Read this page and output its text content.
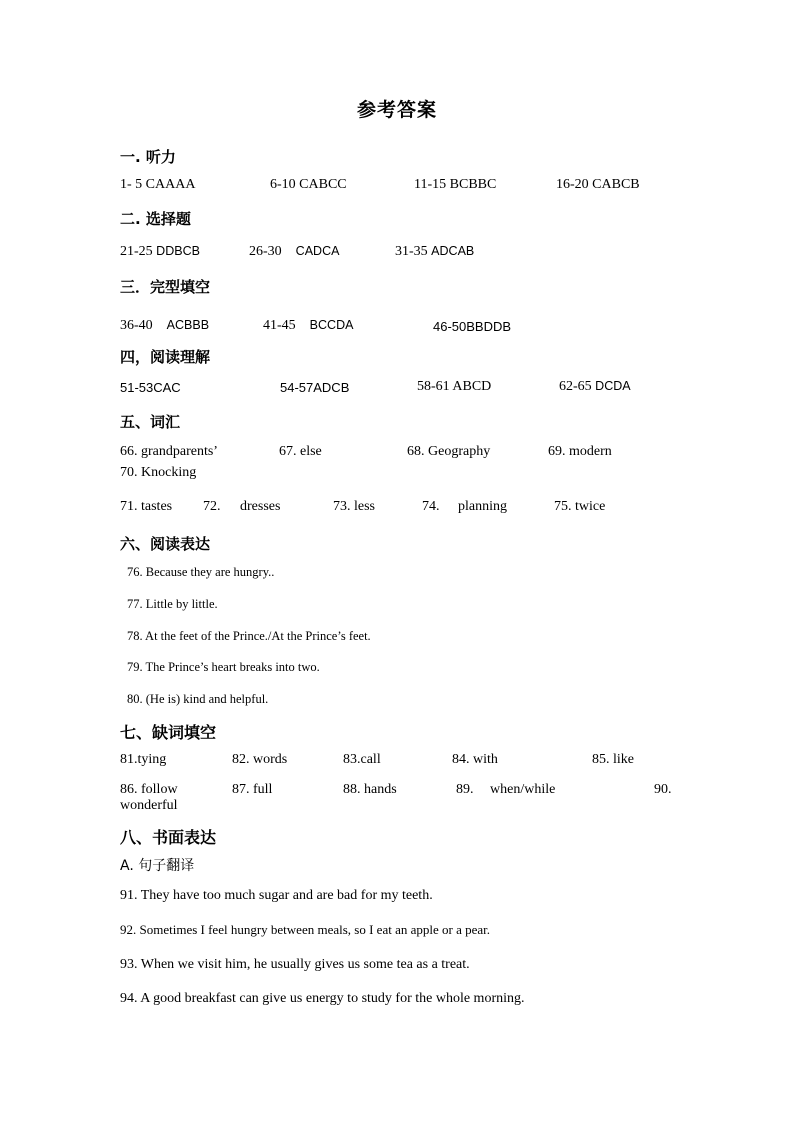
参考答案
一. 听力
1- 5 CAAAA	6-10 CABCC	11-15 BCBBC	16-20 CABCB
二. 选择题
21-25 DDBCB	26-30 CADCA	31-35 ADCAB
三．完型填空
36-40 ACBBB	41-45 BCCDA	46-50BBDDB
四，阅读理解
51-53CAC	54-57ADCB	58-61 ABCD	62-65 DCDA
五、词汇
66. grandparents’	67. else	68. Geography	69. modern
70. Knocking
71. tastes 72. dresses	73. less	74. planning	75. twice
六、阅读表达
76. Because they are hungry..
77. Little by little.
78. At the feet of the Prince./At the Prince’s feet.
79. The Prince’s heart breaks into two.
80. (He is) kind and helpful.
七、缺词填空
81.tying	82. words	83.call	84. with	85. like
86. follow	87. full	88. hands	89. when/while	90.
wonderful
八、书面表达
A. 句子翻译
91. They have too much sugar and are bad for my teeth.
92. Sometimes I feel hungry between meals, so I eat an apple or a pear.
93. When we visit him, he usually gives us some tea as a treat.
94. A good breakfast can give us energy to study for the whole morning.
